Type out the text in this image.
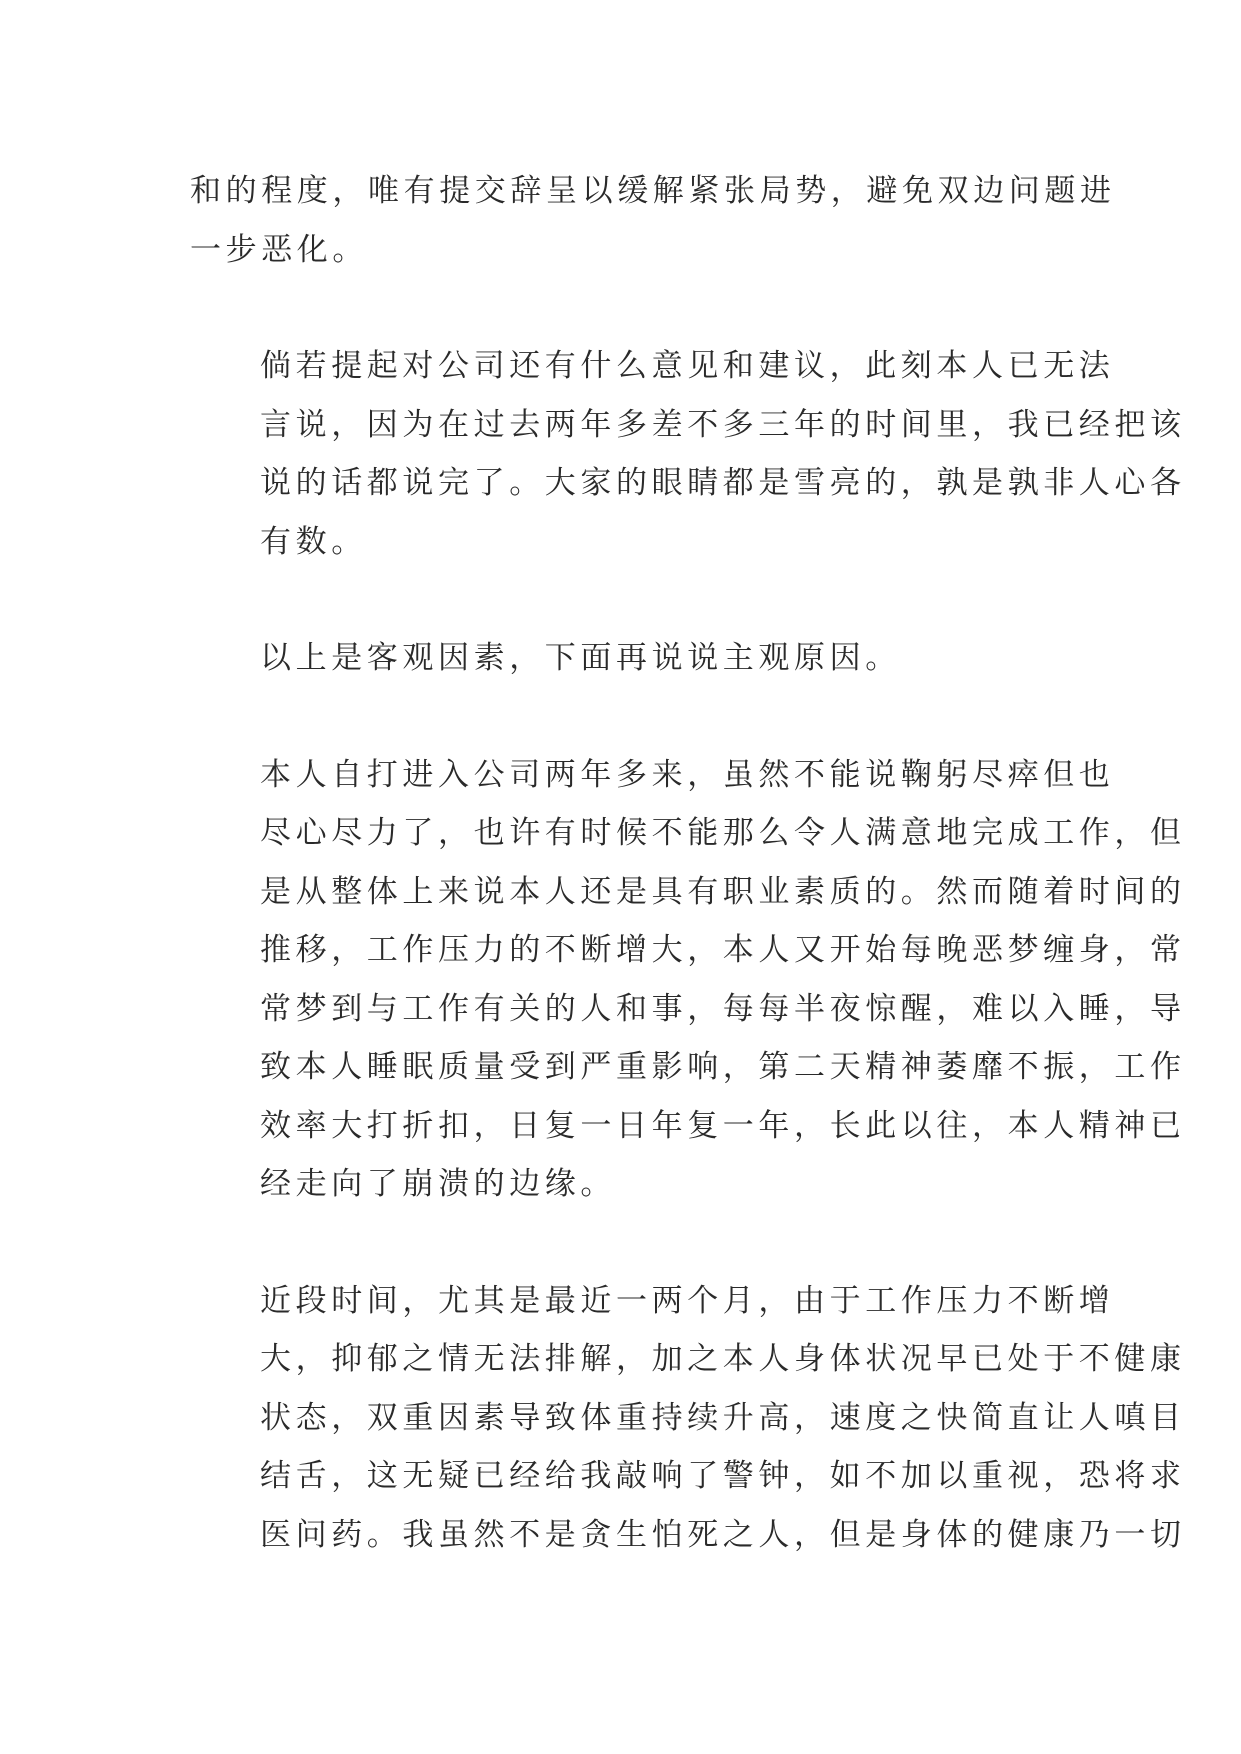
和的程度，唯有提交辞呈以缓解紧张局势，避免双边问题进
一步恶化。

倘若提起对公司还有什么意见和建议，此刻本人已无法
言说，因为在过去两年多差不多三年的时间里，我已经把该
说的话都说完了。大家的眼睛都是雪亮的，孰是孰非人心各
有数。

以上是客观因素，下面再说说主观原因。

本人自打进入公司两年多来，虽然不能说鞠躬尽瘁但也
尽心尽力了，也许有时候不能那么令人满意地完成工作，但
是从整体上来说本人还是具有职业素质的。然而随着时间的
推移，工作压力的不断增大，本人又开始每晚恶梦缠身，常
常梦到与工作有关的人和事，每每半夜惊醒，难以入睡，导
致本人睡眠质量受到严重影响，第二天精神萎靡不振，工作
效率大打折扣，日复一日年复一年，长此以往，本人精神已
经走向了崩溃的边缘。

近段时间，尤其是最近一两个月，由于工作压力不断增
大，抑郁之情无法排解，加之本人身体状况早已处于不健康
状态，双重因素导致体重持续升高，速度之快简直让人嗔目
结舌，这无疑已经给我敲响了警钟，如不加以重视，恐将求
医问药。我虽然不是贪生怕死之人，但是身体的健康乃一切
